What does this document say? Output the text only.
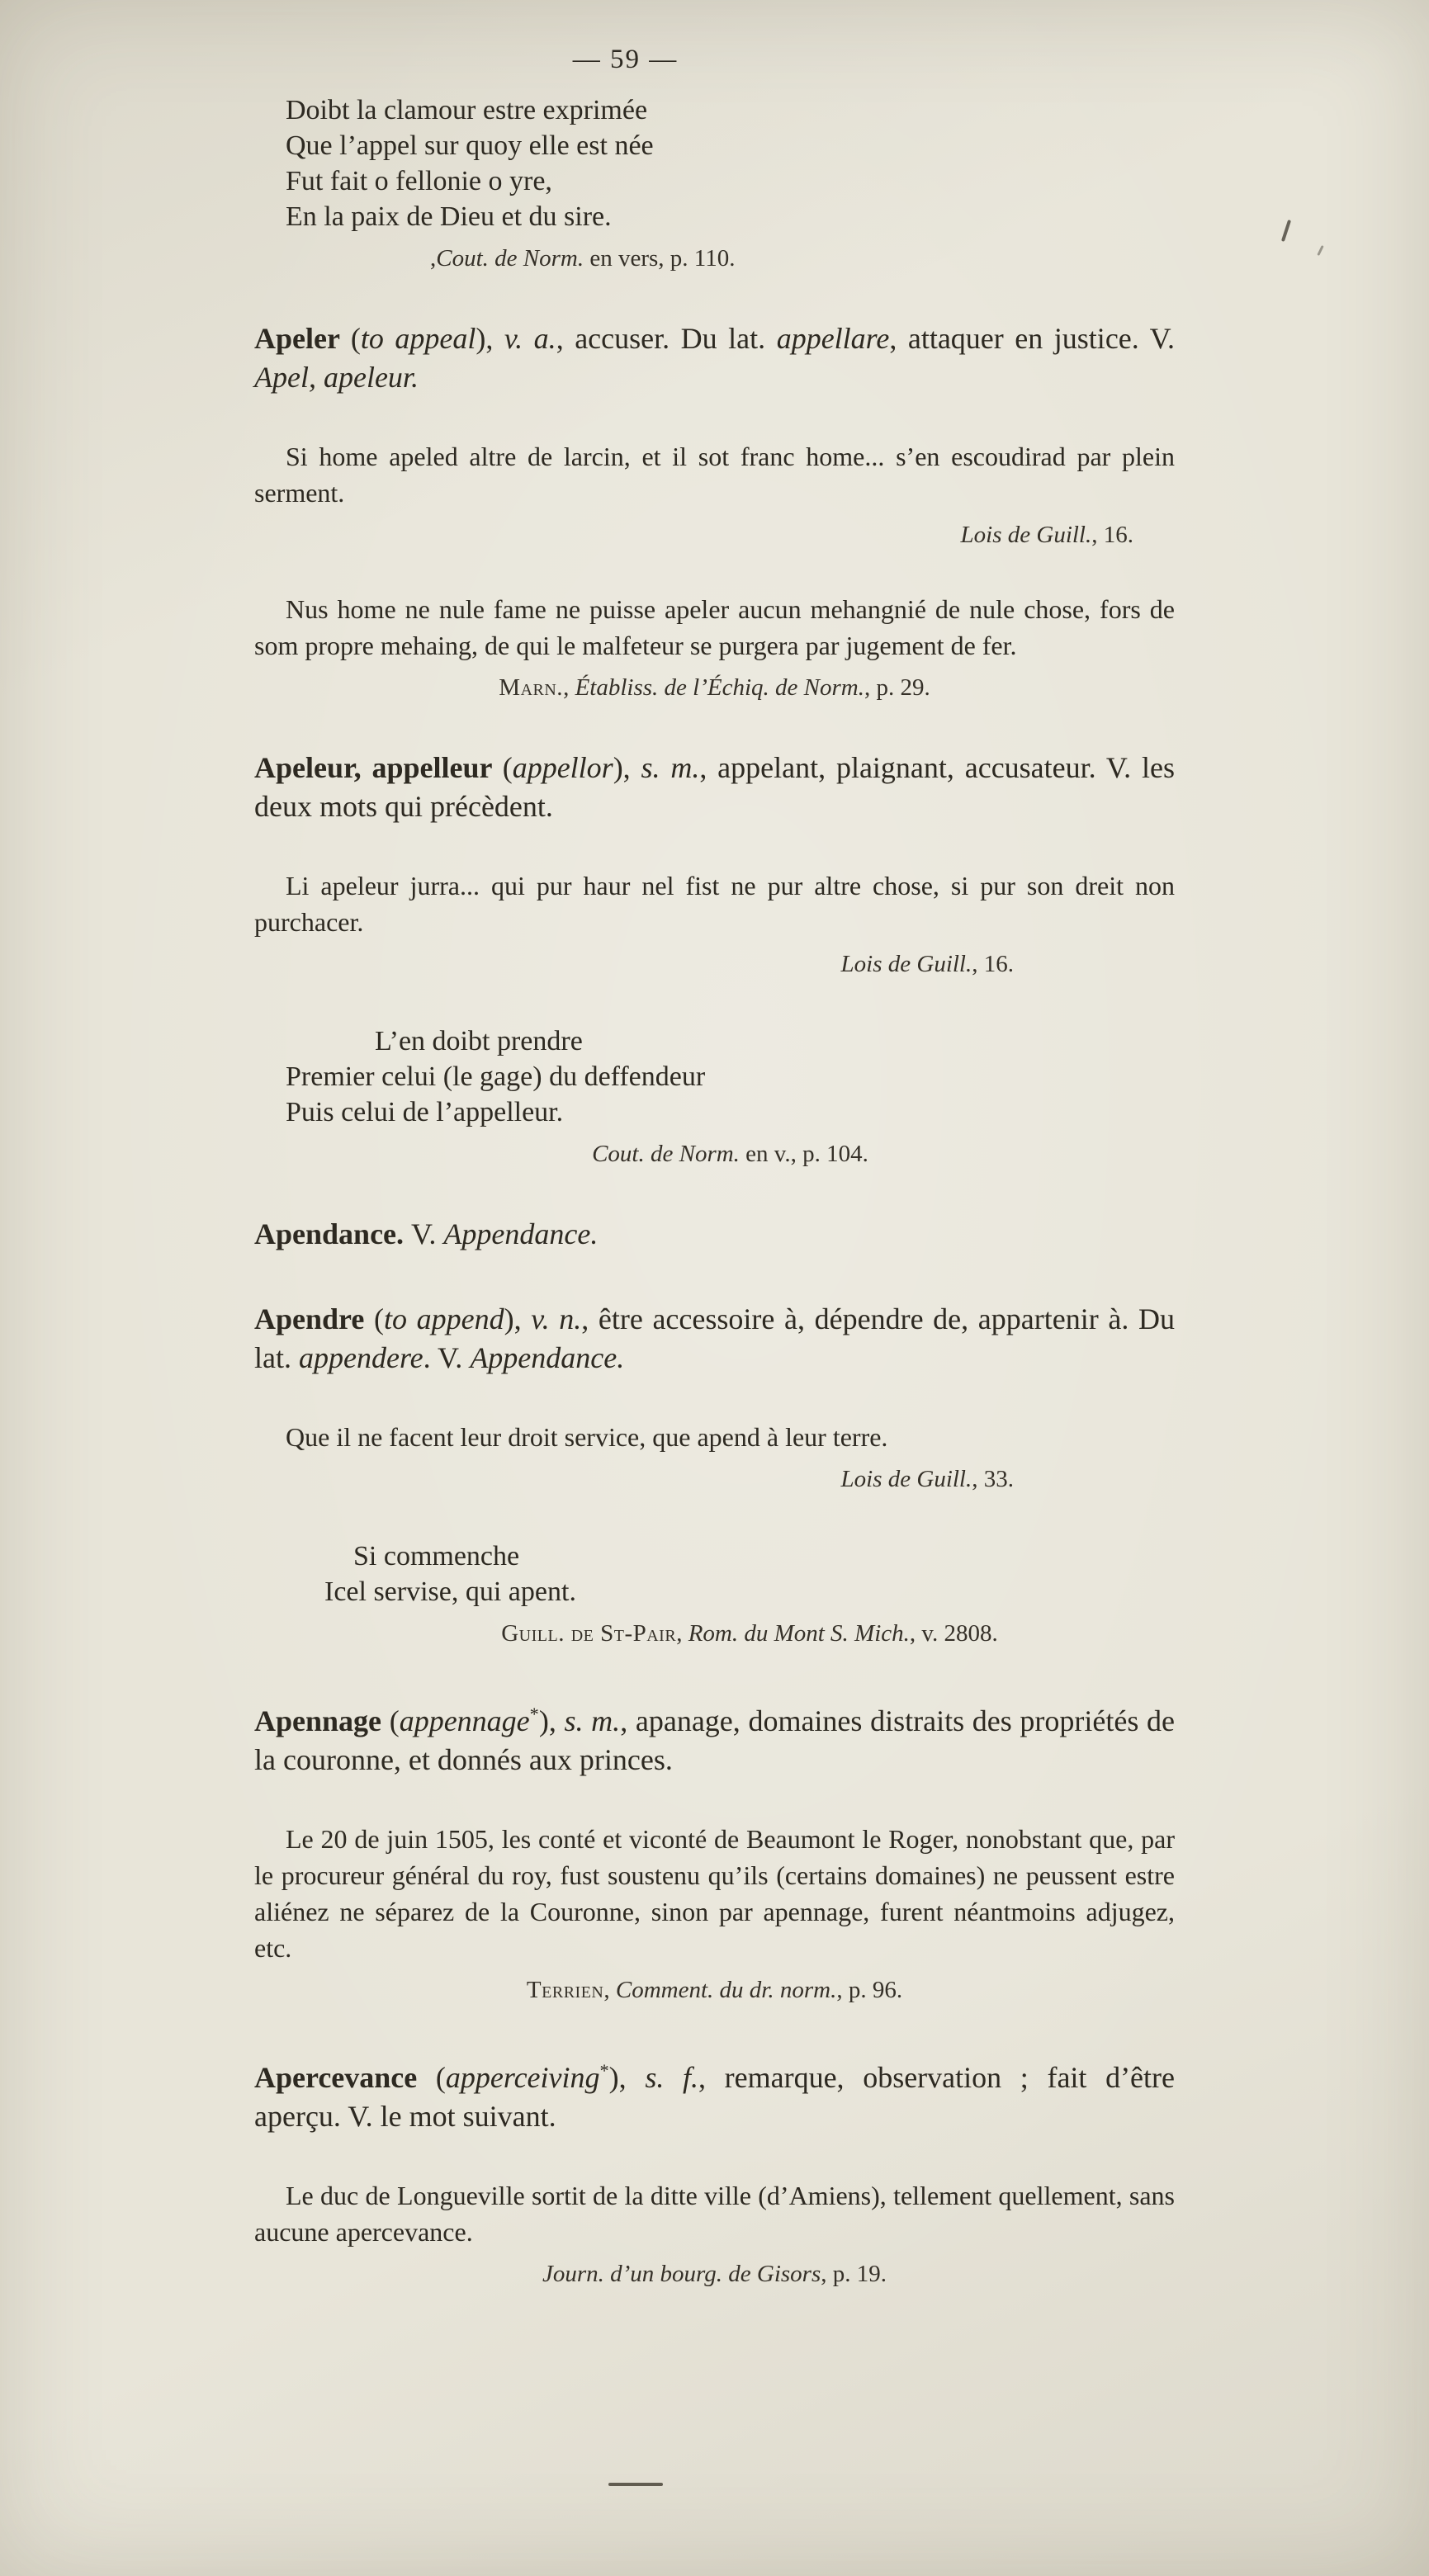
— 59 —
Doibt la clamour estre exprimée
Que l’appel sur quoy elle est née
Fut fait o fellonie o yre,
En la paix de Dieu et du sire.
,Cout. de Norm. en vers, p. 110.

Apeler (to appeal), v. a., accuser. Du lat. appellare, attaquer en justice. V. Apel, apeleur.

Si home apeled altre de larcin, et il sot franc home... s’en escoudirad par plein serment.

Lois de Guill., 16.

Nus home ne nule fame ne puisse apeler aucun mehangnié de nule chose, fors de som propre mehaing, de qui le malfeteur se purgera par jugement de fer.

Marn., Établiss. de l’Échiq. de Norm., p. 29.

Apeleur, appelleur (appellor), s. m., appelant, plaignant, accusateur. V. les deux mots qui précèdent.

Li apeleur jurra... qui pur haur nel fist ne pur altre chose, si pur son dreit non purchacer.

Lois de Guill., 16.
L’en doibt prendre
Premier celui (le gage) du deffendeur
Puis celui de l’appelleur.
Cout. de Norm. en v., p. 104.

Apendance. V. Appendance.

Apendre (to append), v. n., être accessoire à, dépendre de, appartenir à. Du lat. appendere. V. Appendance.

Que il ne facent leur droit service, que apend à leur terre.

Lois de Guill., 33.
Si commenche
Icel servise, qui apent.
Guill. de St-Pair, Rom. du Mont S. Mich., v. 2808.

Apennage (appennage*), s. m., apanage, domaines distraits des propriétés de la couronne, et donnés aux princes.

Le 20 de juin 1505, les conté et viconté de Beaumont le Roger, nonobstant que, par le procureur général du roy, fust soustenu qu’ils (certains domaines) ne peussent estre aliénez ne séparez de la Couronne, sinon par apennage, furent néantmoins adjugez, etc.

Terrien, Comment. du dr. norm., p. 96.

Apercevance (apperceiving*), s. f., remarque, observation ; fait d’être aperçu. V. le mot suivant.

Le duc de Longueville sortit de la ditte ville (d’Amiens), tellement quellement, sans aucune apercevance.

Journ. d’un bourg. de Gisors, p. 19.
